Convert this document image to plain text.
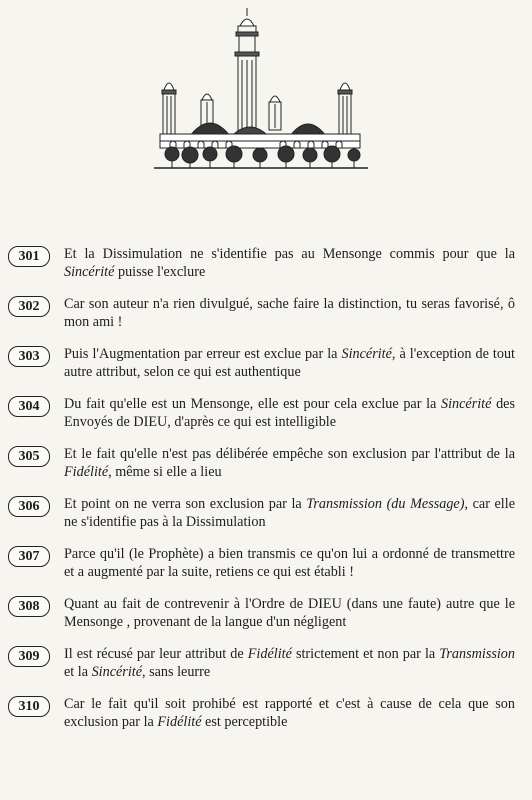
301	Et la Dissimulation ne s'identifie pas au Mensonge commis pour que la Sincérité puisse l'exclure
302	Car son auteur n'a rien divulgué, sache faire la distinction, tu seras favorisé, ô mon ami !
303	Puis l'Augmentation par erreur est exclue par la Sincérité, à l'exception de tout autre attribut, selon ce qui est authentique
304	Du fait qu'elle est un Mensonge, elle est pour cela exclue par la Sincérité des Envoyés de DIEU, d'après ce qui est intelligible
305	Et le fait qu'elle n'est pas délibérée empêche son exclusion par l'attribut de la Fidélité, même si elle a lieu
306	Et point on ne verra son exclusion par la Transmission (du Message), car elle ne s'identifie pas à la Dissimulation
307	Parce qu'il (le Prophète) a bien transmis ce qu'on lui a ordonné de transmettre et a augmenté par la suite, retiens ce qui est établi !
308	Quant au fait de contrevenir à l'Ordre de DIEU (dans une faute) autre que le Mensonge , provenant de la langue d'un négligent
309	Il est récusé par leur attribut de Fidélité strictement et non par la Transmission et la Sincérité, sans leurre
310	Car le fait qu'il soit prohibé est rapporté et c'est à cause de cela que son exclusion par la Fidélité est perceptible
